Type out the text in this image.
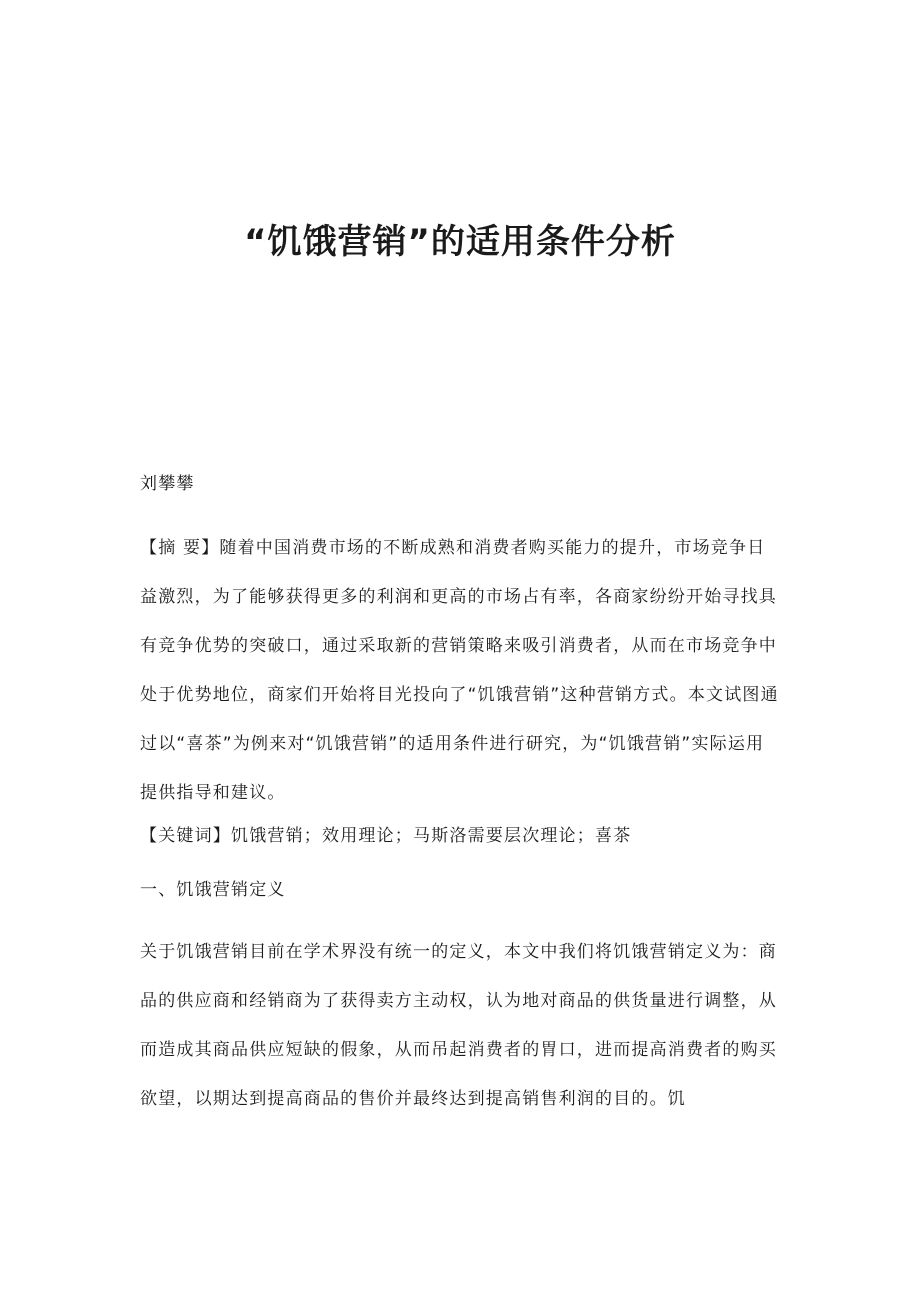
“饥饿营销”的适用条件分析
刘攀攀
【摘 要】随着中国消费市场的不断成熟和消费者购买能力的提升，市场竞争日益激烈，为了能够获得更多的利润和更高的市场占有率，各商家纷纷开始寻找具有竞争优势的突破口，通过采取新的营销策略来吸引消费者，从而在市场竞争中处于优势地位，商家们开始将目光投向了“饥饿营销”这种营销方式。本文试图通过以“喜茶”为例来对“饥饿营销”的适用条件进行研究，为“饥饿营销”实际运用提供指导和建议。
【关键词】饥饿营销；效用理论；马斯洛需要层次理论；喜茶
一、饥饿营销定义
关于饥饿营销目前在学术界没有统一的定义，本文中我们将饥饿营销定义为：商品的供应商和经销商为了获得卖方主动权，认为地对商品的供货量进行调整，从而造成其商品供应短缺的假象，从而吊起消费者的胃口，进而提高消费者的购买欲望，以期达到提高商品的售价并最终达到提高销售利润的目的。饥
